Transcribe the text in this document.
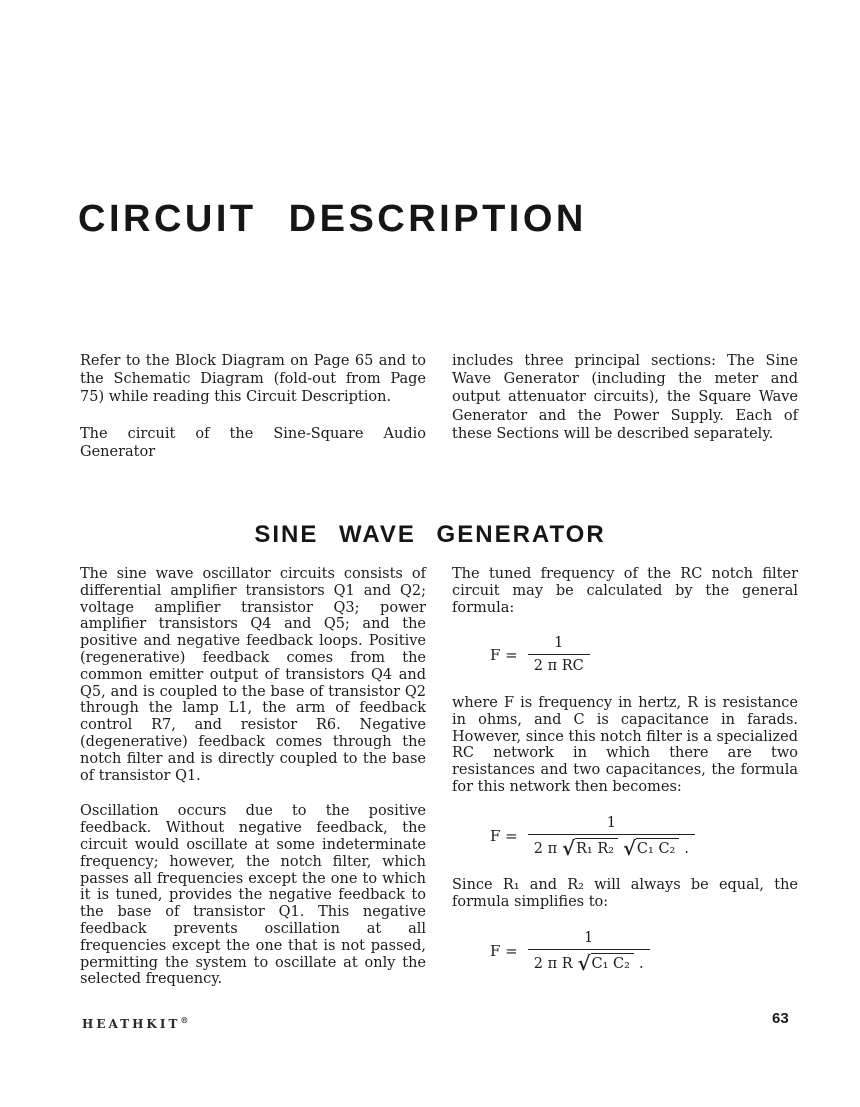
CIRCUIT DESCRIPTION

Refer to the Block Diagram on Page 65 and to the Schematic Diagram (fold-out from Page 75) while reading this Circuit Description.

The circuit of the Sine-Square Audio Generator

includes three principal sections: The Sine Wave Generator (including the meter and output attenuator circuits), the Square Wave Generator and the Power Supply. Each of these Sections will be described separately.

SINE WAVE GENERATOR

The sine wave oscillator circuits consists of differential amplifier transistors Q1 and Q2; voltage amplifier transistor Q3; power amplifier transistors Q4 and Q5; and the positive and negative feedback loops. Positive (regenerative) feedback comes from the common emitter output of transistors Q4 and Q5, and is coupled to the base of transistor Q2 through the lamp L1, the arm of feedback control R7, and resistor R6. Negative (degenerative) feedback comes through the notch filter and is directly coupled to the base of transistor Q1.

Oscillation occurs due to the positive feedback. Without negative feedback, the circuit would oscillate at some indeterminate frequency; however, the notch filter, which passes all frequencies except the one to which it is tuned, provides the negative feedback to the base of transistor Q1. This negative feedback prevents oscillation at all frequencies except the one that is not passed, permitting the system to oscillate at only the selected frequency.

The tuned frequency of the RC notch filter circuit may be calculated by the general formula:

$F = \frac{1}{\text{2 π RC}}$

where F is frequency in hertz, R is resistance in ohms, and C is capacitance in farads. However, since this notch filter is a specialized RC network in which there are two resistances and two capacitances, the formula for this network then becomes:

$F = \frac{1}{\text{2 π √ R₁ R₂ √ C₁ C₂ .}}$

Since R₁ and R₂ will always be equal, the formula simplifies to:

$F = \frac{1}{\text{2 π R √ C₁ C₂ .}}$
HEATHKIT®	63
